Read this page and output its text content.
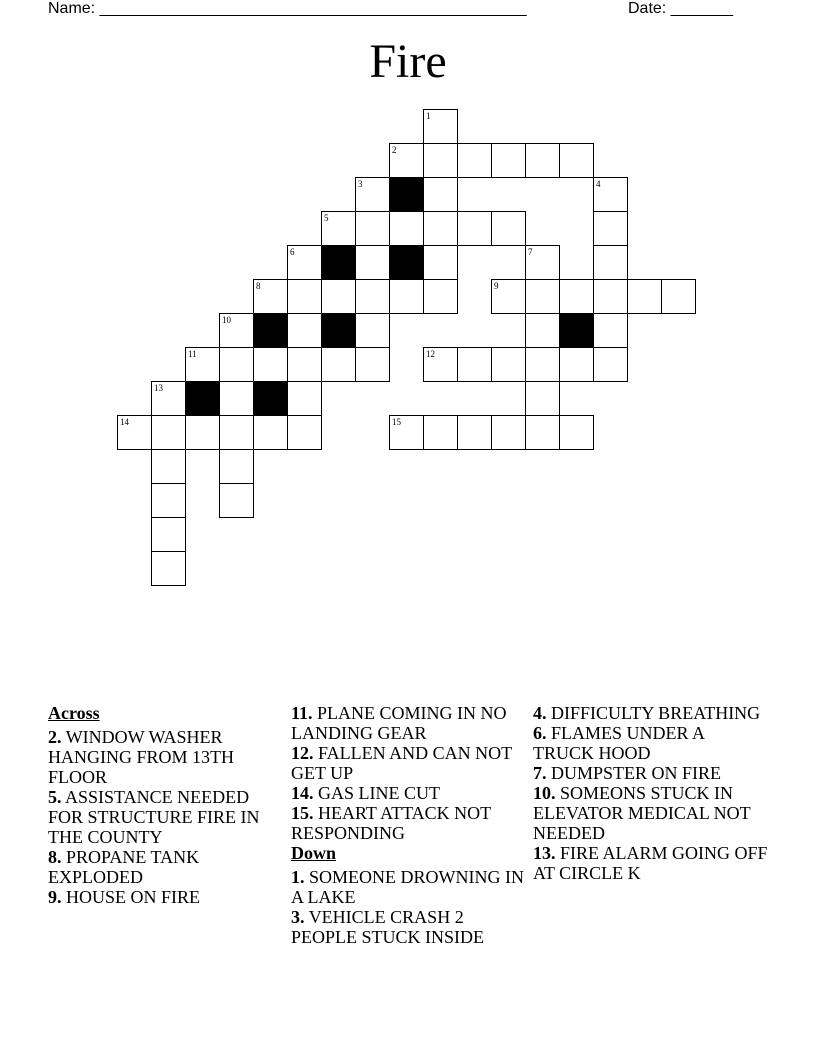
Name: ________________________________________________	Date: _______
Fire
1
2
3	4
5
6	7
8	9
10
11	12
13
14	15
Across
2. WINDOW WASHER HANGING FROM 13TH FLOOR
5. ASSISTANCE NEEDED FOR STRUCTURE FIRE IN THE COUNTY
8. PROPANE TANK EXPLODED
9. HOUSE ON FIRE
11. PLANE COMING IN NO LANDING GEAR
12. FALLEN AND CAN NOT GET UP
14. GAS LINE CUT
15. HEART ATTACK NOT RESPONDING
Down
1. SOMEONE DROWNING IN A LAKE
3. VEHICLE CRASH 2 PEOPLE STUCK INSIDE
4. DIFFICULTY BREATHING
6. FLAMES UNDER A TRUCK HOOD
7. DUMPSTER ON FIRE
10. SOMEONS STUCK IN ELEVATOR MEDICAL NOT NEEDED
13. FIRE ALARM GOING OFF AT CIRCLE K
